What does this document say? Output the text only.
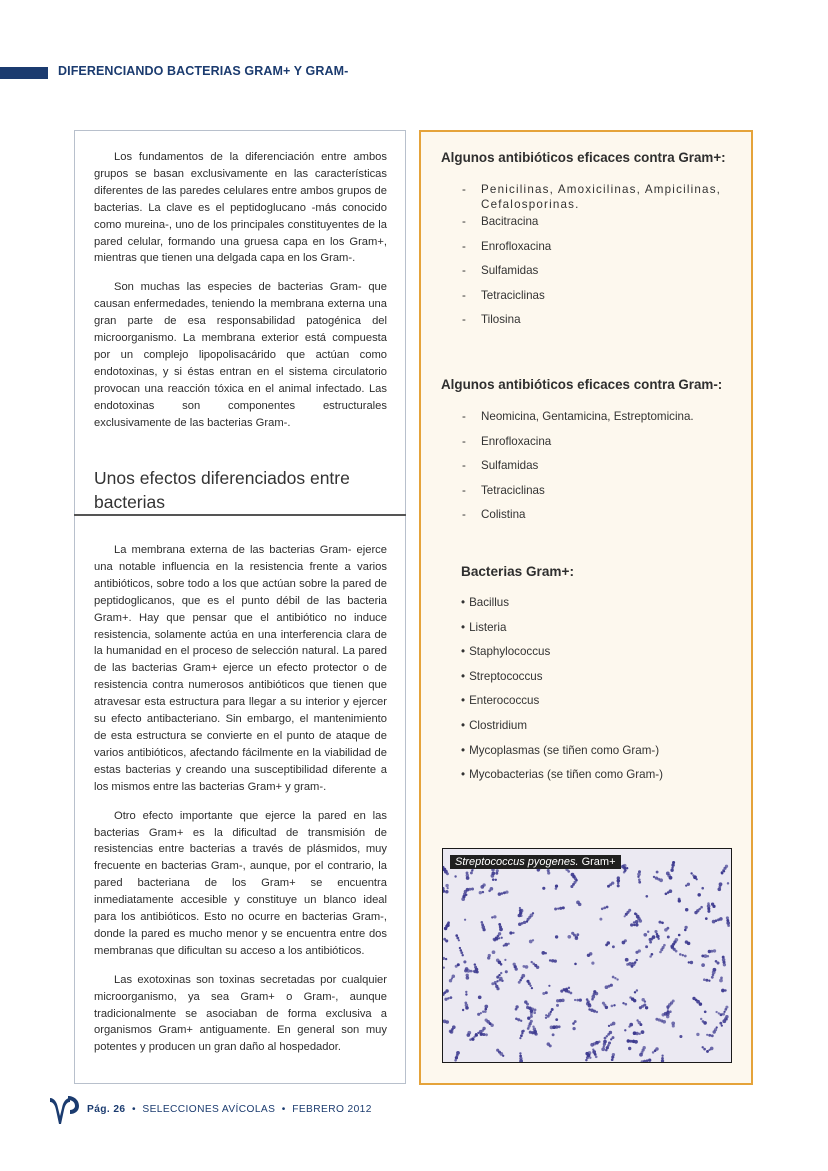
DIFERENCIANDO BACTERIAS GRAM+ Y GRAM-

Los fundamentos de la diferenciación entre ambos grupos se basan exclusivamente en las características diferentes de las paredes celulares entre ambos grupos de bacterias. La clave es el peptidoglucano -más conocido como mureina-, uno de los principales constituyentes de la pared celular, formando una gruesa capa en los Gram+, mientras que tienen una delgada capa en los Gram-.

Son muchas las especies de bacterias Gram- que causan enfermedades, teniendo la membrana externa una gran parte de esa responsabilidad patogénica del microorganismo. La membrana exterior está compuesta por un complejo lipopolisacárido que actúan como endotoxinas, y si éstas entran en el sistema circulatorio provocan una reacción tóxica en el animal infectado. Las endotoxinas son componentes estructurales exclusivamente de las bacterias Gram-.

Unos efectos diferenciados entre bacterias

La membrana externa de las bacterias Gram- ejerce una notable influencia en la resistencia frente a varios antibióticos, sobre todo a los que actúan sobre la pared de peptidoglicanos, que es el punto débil de las bacteria Gram+. Hay que pensar que el antibiótico no induce resistencia, solamente actúa en una interferencia clara de la humanidad en el proceso de selección natural. La pared de las bacterias Gram+ ejerce un efecto protector o de resistencia contra numerosos antibióticos que tienen que atravesar esta estructura para llegar a su interior y ejercer su efecto antibacteriano. Sin embargo, el mantenimiento de esta estructura se convierte en el punto de ataque de varios antibióticos, afectando fácilmente en la viabilidad de estas bacterias y creando una susceptibilidad diferente a los mismos entre las bacterias Gram+ y gram-.

Otro efecto importante que ejerce la pared en las bacterias Gram+ es la dificultad de transmisión de resistencias entre bacterias a través de plásmidos, muy frecuente en bacterias Gram-, aunque, por el contrario, la pared bacteriana de los Gram+ se encuentra inmediatamente accesible y constituye un blanco ideal para los antibióticos. Esto no ocurre en bacterias Gram-, donde la pared es mucho menor y se encuentra entre dos membranas que dificultan su acceso a los antibióticos.

Las exotoxinas son toxinas secretadas por cualquier microorganismo, ya sea Gram+ o Gram-, aunque tradicionalmente se asociaban de forma exclusiva a organismos Gram+ antiguamente. En general son muy potentes y producen un gran daño al hospedador.

Algunos antibióticos eficaces contra Gram+:
- Penicilinas, Amoxicilinas, Ampicilinas, Cefalosporinas.
- Bacitracina
- Enrofloxacina
- Sulfamidas
- Tetraciclinas
- Tilosina
Algunos antibióticos eficaces contra Gram-:
- Neomicina, Gentamicina, Estreptomicina.
- Enrofloxacina
- Sulfamidas
- Tetraciclinas
- Colistina
Bacterias Gram+:
• Bacillus
• Listeria
• Staphylococcus
• Streptococcus
• Enterococcus
• Clostridium
• Mycoplasmas (se tiñen como Gram-)
• Mycobacterias (se tiñen como Gram-)
Streptococcus pyogenes. Gram+
Pág. 26 • SELECCIONES AVÍCOLAS • FEBRERO 2012
